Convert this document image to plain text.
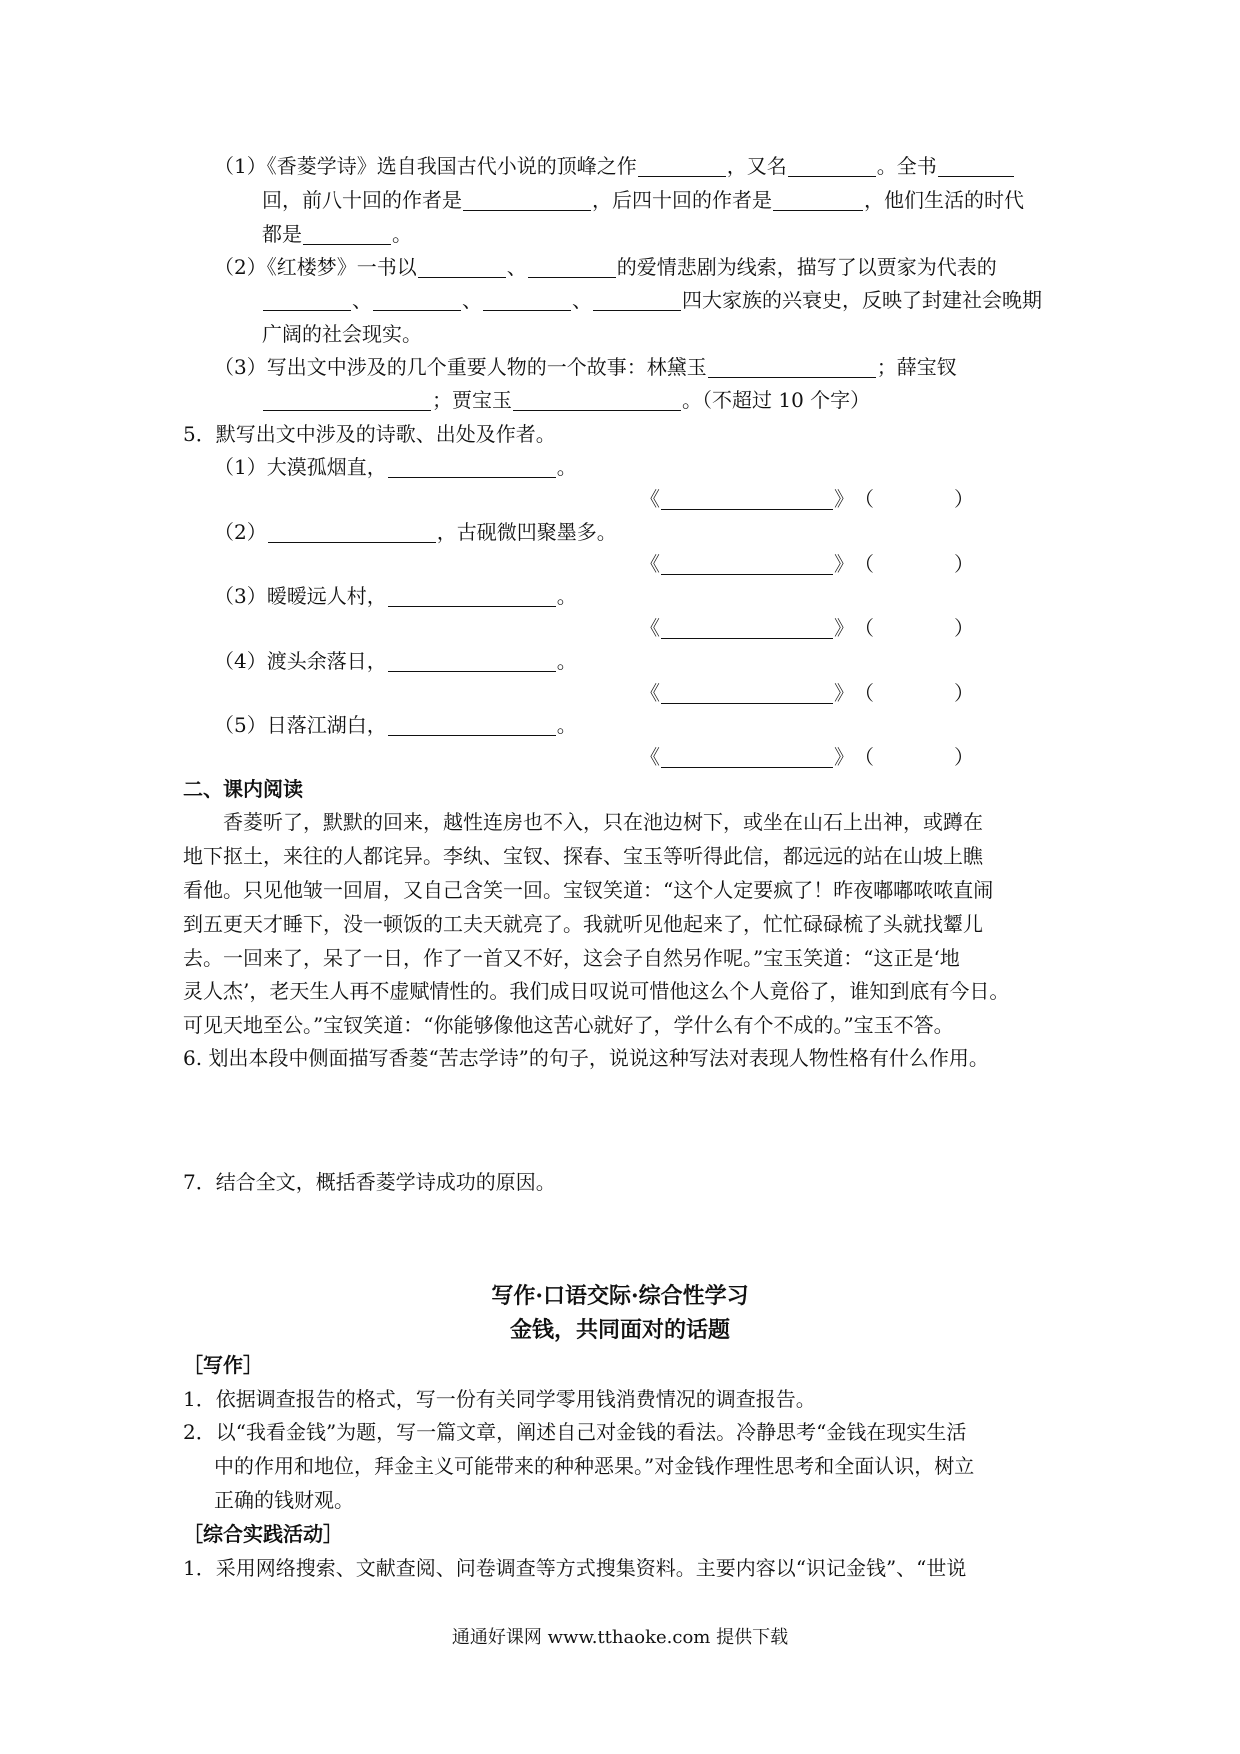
（1）《香菱学诗》选自我国古代小说的顶峰之作	，又名	。全书
回，前八十回的作者是	，后四十回的作者是	，他们生活的时代
都是	。
（2）《红楼梦》一书以	、	的爱情悲剧为线索，描写了以贾家为代表的
、	、	、	四大家族的兴衰史，反映了封建社会晚期
广阔的社会现实。
（3）写出文中涉及的几个重要人物的一个故事：林黛玉	；薛宝钗
；贾宝玉	。（不超过 10 个字）
5．默写出文中涉及的诗歌、出处及作者。
（1）大漠孤烟直，	。
《	》（	）
（2）	，古砚微凹聚墨多。
《	》（	）
（3）暧暧远人村，	。
《	》（	）
（4）渡头余落日，	。
《	》（	）
（5）日落江湖白，	。
《	》（	）
二、课内阅读
香菱听了，默默的回来，越性连房也不入，只在池边树下，或坐在山石上出神，或蹲在
地下抠土，来往的人都诧异。李纨、宝钗、探春、宝玉等听得此信，都远远的站在山坡上瞧
看他。只见他皱一回眉，又自己含笑一回。宝钗笑道：“这个人定要疯了！昨夜嘟嘟哝哝直闹
到五更天才睡下，没一顿饭的工夫天就亮了。我就听见他起来了，忙忙碌碌梳了头就找颦儿
去。一回来了，呆了一日，作了一首又不好，这会子自然另作呢。”宝玉笑道：“这正是‘地
灵人杰’，老天生人再不虚赋情性的。我们成日叹说可惜他这么个人竟俗了，谁知到底有今日。
可见天地至公。”宝钗笑道：“你能够像他这苦心就好了，学什么有个不成的。”宝玉不答。
6. 划出本段中侧面描写香菱“苦志学诗”的句子，说说这种写法对表现人物性格有什么作用。
7．结合全文，概括香菱学诗成功的原因。
写作·口语交际·综合性学习
金钱，共同面对的话题
［写作］
1．依据调查报告的格式，写一份有关同学零用钱消费情况的调查报告。
2．以“我看金钱”为题，写一篇文章，阐述自己对金钱的看法。冷静思考“金钱在现实生活
中的作用和地位，拜金主义可能带来的种种恶果。”对金钱作理性思考和全面认识，树立
正确的钱财观。
［综合实践活动］
1．采用网络搜索、文献查阅、问卷调查等方式搜集资料。主要内容以“识记金钱”、“世说
通通好课网 www.tthaoke.com 提供下载
